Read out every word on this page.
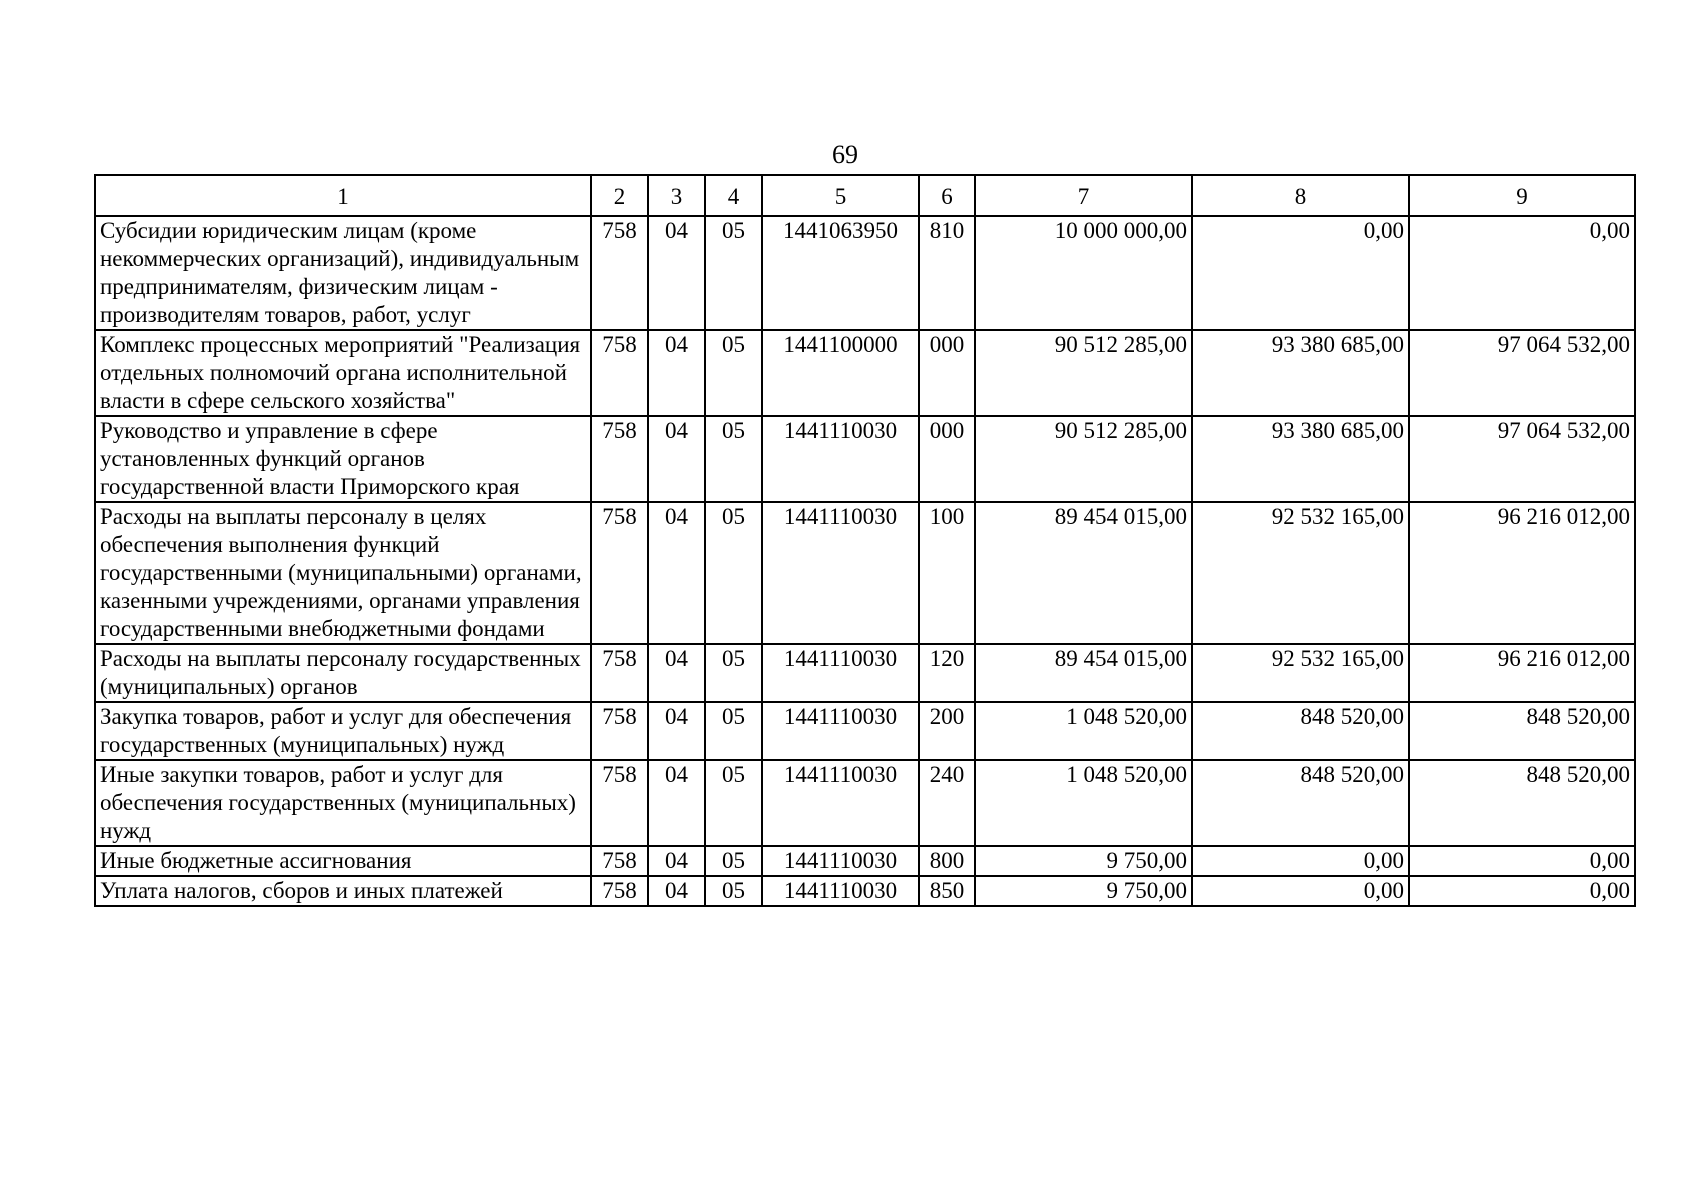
69
1	2	3	4	5	6	7	8	9
Субсидии юридическим лицам (кроме некоммерческих организаций), индивидуальным предпринимателям, физическим лицам - производителям товаров, работ, услуг	758	04	05	1441063950	810	10 000 000,00	0,00	0,00
Комплекс процессных мероприятий "Реализация отдельных полномочий органа исполнительной власти в сфере сельского хозяйства"	758	04	05	1441100000	000	90 512 285,00	93 380 685,00	97 064 532,00
Руководство и управление в сфере установленных функций органов государственной власти Приморского края	758	04	05	1441110030	000	90 512 285,00	93 380 685,00	97 064 532,00
Расходы на выплаты персоналу в целях обеспечения выполнения функций государственными (муниципальными) органами, казенными учреждениями, органами управления государственными внебюджетными фондами	758	04	05	1441110030	100	89 454 015,00	92 532 165,00	96 216 012,00
Расходы на выплаты персоналу государственных (муниципальных) органов	758	04	05	1441110030	120	89 454 015,00	92 532 165,00	96 216 012,00
Закупка товаров, работ и услуг для обеспечения государственных (муниципальных) нужд	758	04	05	1441110030	200	1 048 520,00	848 520,00	848 520,00
Иные закупки товаров, работ и услуг для обеспечения государственных (муниципальных) нужд	758	04	05	1441110030	240	1 048 520,00	848 520,00	848 520,00
Иные бюджетные ассигнования	758	04	05	1441110030	800	9 750,00	0,00	0,00
Уплата налогов, сборов и иных платежей	758	04	05	1441110030	850	9 750,00	0,00	0,00
